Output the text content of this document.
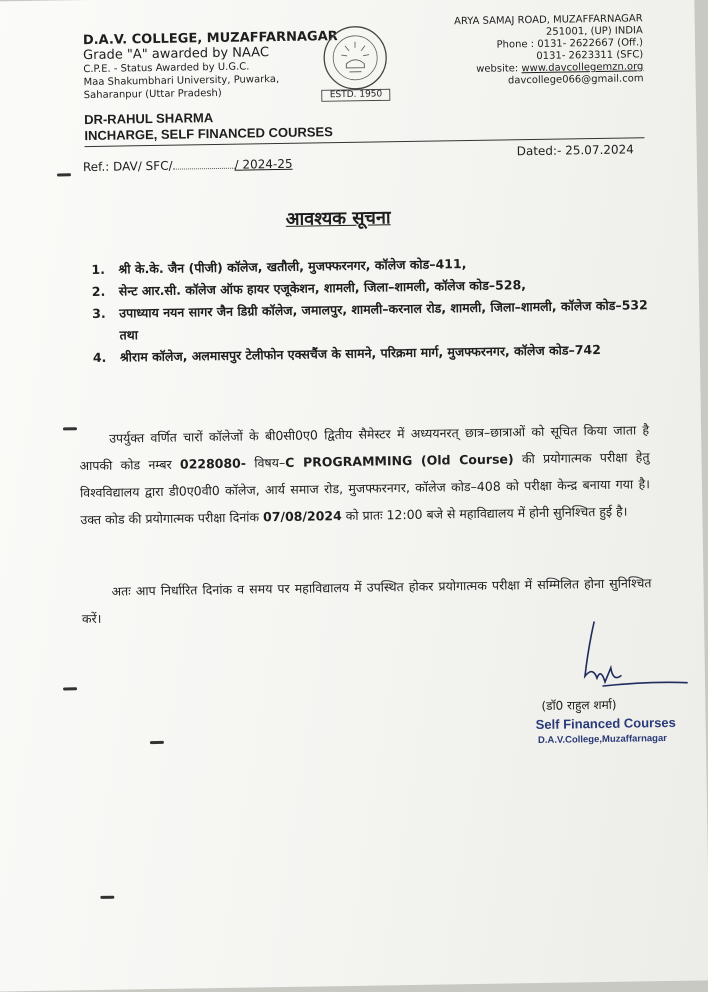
D.A.V. COLLEGE, MUZAFFARNAGAR
Grade "A" awarded by NAAC
C.P.E. - Status Awarded by U.G.C.
Maa Shakumbhari University, Puwarka,
Saharanpur (Uttar Pradesh)	ESTD. 1950
ARYA SAMAJ ROAD, MUZAFFARNAGAR
251001, (UP) INDIA
Phone : 0131- 2622667 (Off.)
0131- 2623311 (SFC)
website: www.davcollegemzn.org
davcollege066@gmail.com
DR-RAHUL SHARMA
INCHARGE, SELF FINANCED COURSES
Ref.: DAV/ SFC/	/ 2024-25
Dated:- 25.07.2024
आवश्यक सूचना
1.	श्री के.के. जैन (पीजी) कॉलेज, खतौली, मुजफ्फरनगर, कॉलेज कोड–411,
2.	सेन्ट आर.सी. कॉलेज ऑफ हायर एजूकेशन, शामली, जिला–शामली, कॉलेज कोड–528,
3.	उपाध्याय नयन सागर जैन डिग्री कॉलेज, जमालपुर, शामली–करनाल रोड, शामली, जिला–शामली, कॉलेज कोड–532 तथा
4.	श्रीराम कॉलेज, अलमासपुर टेलीफोन एक्सचैंज के सामने, परिक्रमा मार्ग, मुजफ्फरनगर, कॉलेज कोड–742
उपर्युक्त वर्णित चारों कॉलेजों के बी0सी0ए0 द्वितीय सैमेस्टर में अध्ययनरत् छात्र–छात्राओं को सूचित किया जाता है आपकी कोड नम्बर 0228080- विषय–C PROGRAMMING (Old Course) की प्रयोगात्मक परीक्षा हेतु विश्वविद्यालय द्वारा डी0ए0वी0 कॉलेज, आर्य समाज रोड, मुजफ्फरनगर, कॉलेज कोड–408 को परीक्षा केन्द्र बनाया गया है। उक्त कोड की प्रयोगात्मक परीक्षा दिनांक 07/08/2024 को प्रातः 12:00 बजे से महाविद्यालय में होनी सुनिश्चित हुई है।
अतः आप निर्धारित दिनांक व समय पर महाविद्यालय में उपस्थित होकर प्रयोगात्मक परीक्षा में सम्मिलित होना सुनिश्चित करें।
(डॉ0 राहुल शर्मा)
Self Financed Courses
D.A.V.College,Muzaffarnagar
